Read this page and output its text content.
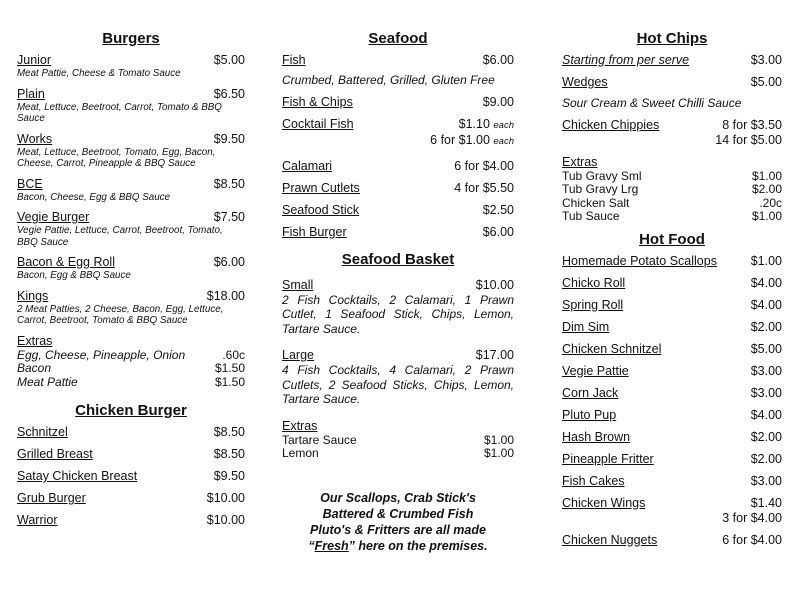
Burgers
Junior	$5.00
Meat Pattie, Cheese & Tomato Sauce
Plain	$6.50
Meat, Lettuce, Beetroot, Carrot, Tomato & BBQ Sauce
Works	$9.50
Meat, Lettuce, Beetroot, Tomato, Egg, Bacon, Cheese, Carrot, Pineapple & BBQ Sauce
BCE	$8.50
Bacon, Cheese, Egg & BBQ Sauce
Vegie Burger	$7.50
Vegie Pattie, Lettuce, Carrot, Beetroot, Tomato, BBQ Sauce
Bacon & Egg Roll	$6.00
Bacon, Egg & BBQ Sauce
Kings	$18.00
2 Meat Patties, 2 Cheese, Bacon, Egg, Lettuce, Carrot, Beetroot, Tomato & BBQ Sauce
Extras
Egg, Cheese, Pineapple, Onion	.60c
Bacon	$1.50
Meat Pattie	$1.50
Chicken Burger
Schnitzel	$8.50
Grilled Breast	$8.50
Satay Chicken Breast	$9.50
Grub Burger	$10.00
Warrior	$10.00
Seafood
Fish	$6.00
Crumbed, Battered, Grilled, Gluten Free
Fish & Chips	$9.00
Cocktail Fish	$1.10 each
6 for $1.00 each
Calamari	6 for $4.00
Prawn Cutlets	4 for $5.50
Seafood Stick	$2.50
Fish Burger	$6.00
Seafood Basket
Small	$10.00
2 Fish Cocktails, 2 Calamari, 1 Prawn Cutlet, 1 Seafood Stick, Chips, Lemon, Tartare Sauce.
Large	$17.00
4 Fish Cocktails, 4 Calamari, 2 Prawn Cutlets, 2 Seafood Sticks, Chips, Lemon, Tartare Sauce.
Extras
Tartare Sauce	$1.00
Lemon	$1.00
Our Scallops, Crab Stick's
Battered & Crumbed Fish
Pluto's & Fritters are all made
“Fresh” here on the premises.
Hot Chips
Starting from per serve	$3.00
Wedges	$5.00
Sour Cream & Sweet Chilli Sauce
Chicken Chippies	8 for $3.50
14 for $5.00
Extras
Tub Gravy Sml	$1.00
Tub Gravy Lrg	$2.00
Chicken Salt	.20c
Tub Sauce	$1.00
Hot Food
Homemade Potato Scallops	$1.00
Chicko Roll	$4.00
Spring Roll	$4.00
Dim Sim	$2.00
Chicken Schnitzel	$5.00
Vegie Pattie	$3.00
Corn Jack	$3.00
Pluto Pup	$4.00
Hash Brown	$2.00
Pineapple Fritter	$2.00
Fish Cakes	$3.00
Chicken Wings	$1.40
3 for $4.00
Chicken Nuggets	6 for $4.00
